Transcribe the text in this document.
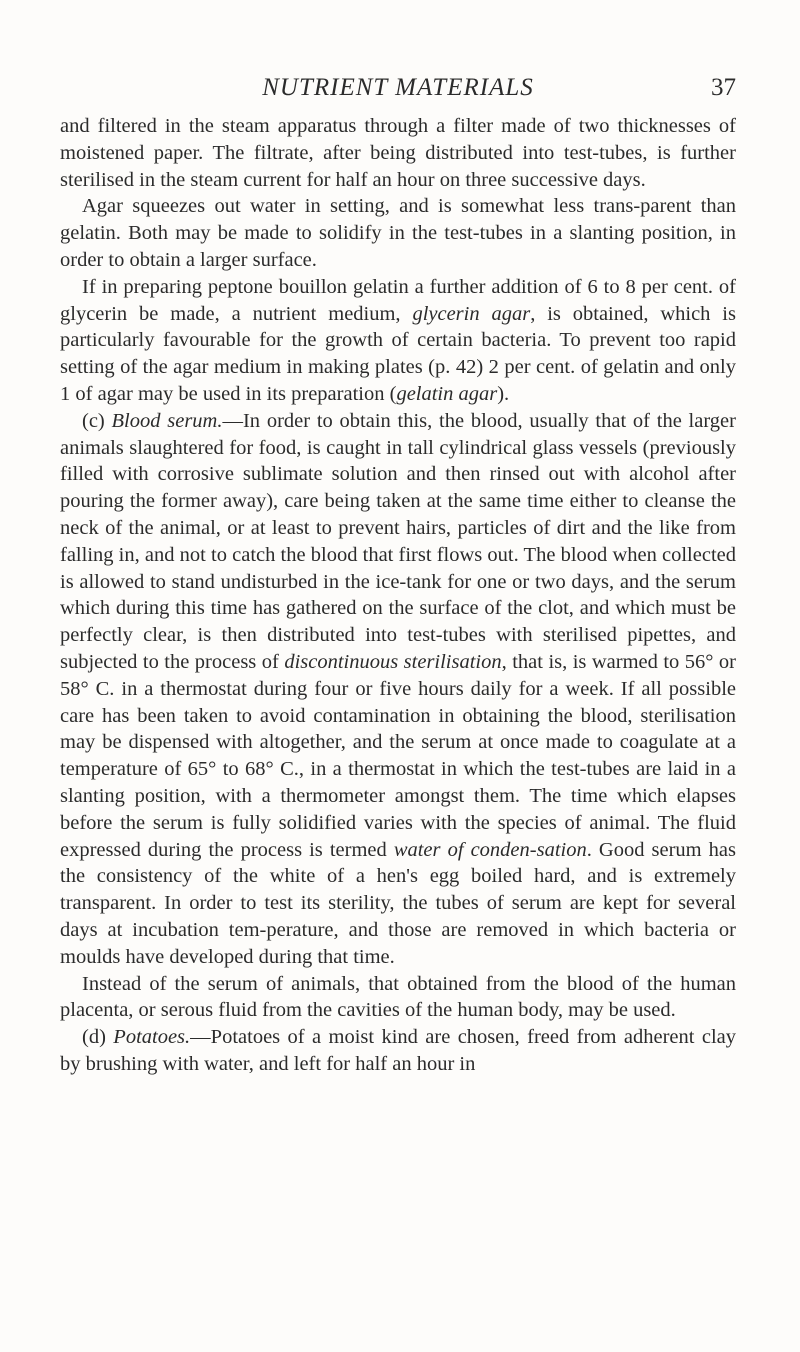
NUTRIENT MATERIALS	37

and filtered in the steam apparatus through a filter made of two thicknesses of moistened paper. The filtrate, after being distributed into test-tubes, is further sterilised in the steam current for half an hour on three successive days.

Agar squeezes out water in setting, and is somewhat less trans-parent than gelatin. Both may be made to solidify in the test-tubes in a slanting position, in order to obtain a larger surface.

If in preparing peptone bouillon gelatin a further addition of 6 to 8 per cent. of glycerin be made, a nutrient medium, glycerin agar, is obtained, which is particularly favourable for the growth of certain bacteria. To prevent too rapid setting of the agar medium in making plates (p. 42) 2 per cent. of gelatin and only 1 of agar may be used in its preparation (gelatin agar).

(c) Blood serum.—In order to obtain this, the blood, usually that of the larger animals slaughtered for food, is caught in tall cylindrical glass vessels (previously filled with corrosive sublimate solution and then rinsed out with alcohol after pouring the former away), care being taken at the same time either to cleanse the neck of the animal, or at least to prevent hairs, particles of dirt and the like from falling in, and not to catch the blood that first flows out. The blood when collected is allowed to stand undisturbed in the ice-tank for one or two days, and the serum which during this time has gathered on the surface of the clot, and which must be perfectly clear, is then distributed into test-tubes with sterilised pipettes, and subjected to the process of discontinuous sterilisation, that is, is warmed to 56° or 58° C. in a thermostat during four or five hours daily for a week. If all possible care has been taken to avoid contamination in obtaining the blood, sterilisation may be dispensed with altogether, and the serum at once made to coagulate at a temperature of 65° to 68° C., in a thermostat in which the test-tubes are laid in a slanting position, with a thermometer amongst them. The time which elapses before the serum is fully solidified varies with the species of animal. The fluid expressed during the process is termed water of conden-sation. Good serum has the consistency of the white of a hen's egg boiled hard, and is extremely transparent. In order to test its sterility, the tubes of serum are kept for several days at incubation tem-perature, and those are removed in which bacteria or moulds have developed during that time.

Instead of the serum of animals, that obtained from the blood of the human placenta, or serous fluid from the cavities of the human body, may be used.

(d) Potatoes.—Potatoes of a moist kind are chosen, freed from adherent clay by brushing with water, and left for half an hour in
